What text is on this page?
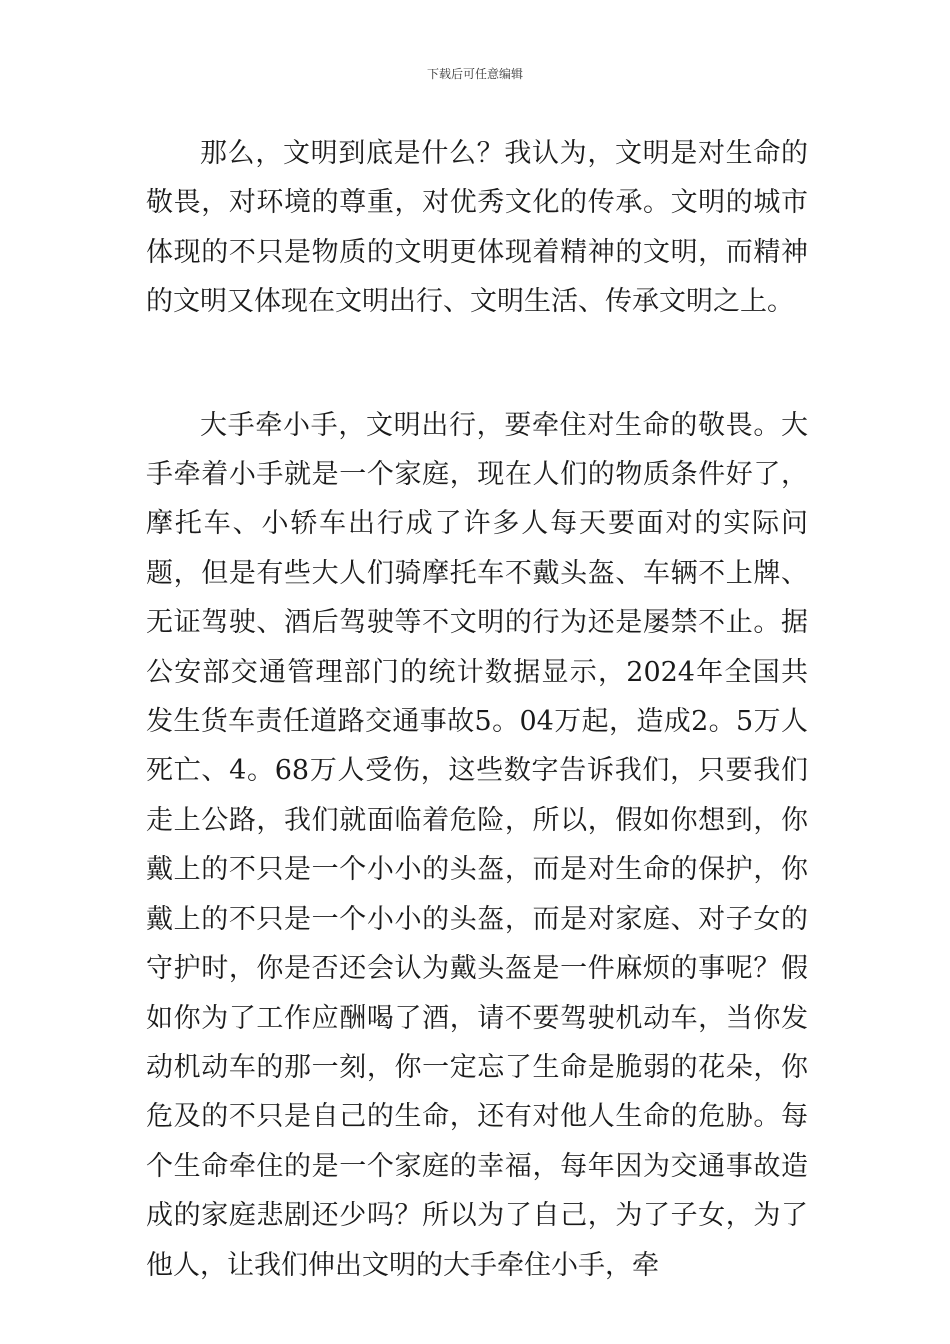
下载后可任意编辑

那么，文明到底是什么？我认为，文明是对生命的敬畏，对环境的尊重，对优秀文化的传承。文明的城市体现的不只是物质的文明更体现着精神的文明，而精神的文明又体现在文明出行、文明生活、传承文明之上。

大手牵小手，文明出行，要牵住对生命的敬畏。大手牵着小手就是一个家庭，现在人们的物质条件好了，摩托车、小轿车出行成了许多人每天要面对的实际问题，但是有些大人们骑摩托车不戴头盔、车辆不上牌、无证驾驶、酒后驾驶等不文明的行为还是屡禁不止。据公安部交通管理部门的统计数据显示，2024年全国共发生货车责任道路交通事故5。04万起，造成2。5万人死亡、4。68万人受伤，这些数字告诉我们，只要我们走上公路，我们就面临着危险，所以，假如你想到，你戴上的不只是一个小小的头盔，而是对生命的保护，你戴上的不只是一个小小的头盔，而是对家庭、对子女的守护时，你是否还会认为戴头盔是一件麻烦的事呢？假如你为了工作应酬喝了酒，请不要驾驶机动车，当你发动机动车的那一刻，你一定忘了生命是脆弱的花朵，你危及的不只是自己的生命，还有对他人生命的危胁。每个生命牵住的是一个家庭的幸福，每年因为交通事故造成的家庭悲剧还少吗？所以为了自己，为了子女，为了他人，让我们伸出文明的大手牵住小手，牵
